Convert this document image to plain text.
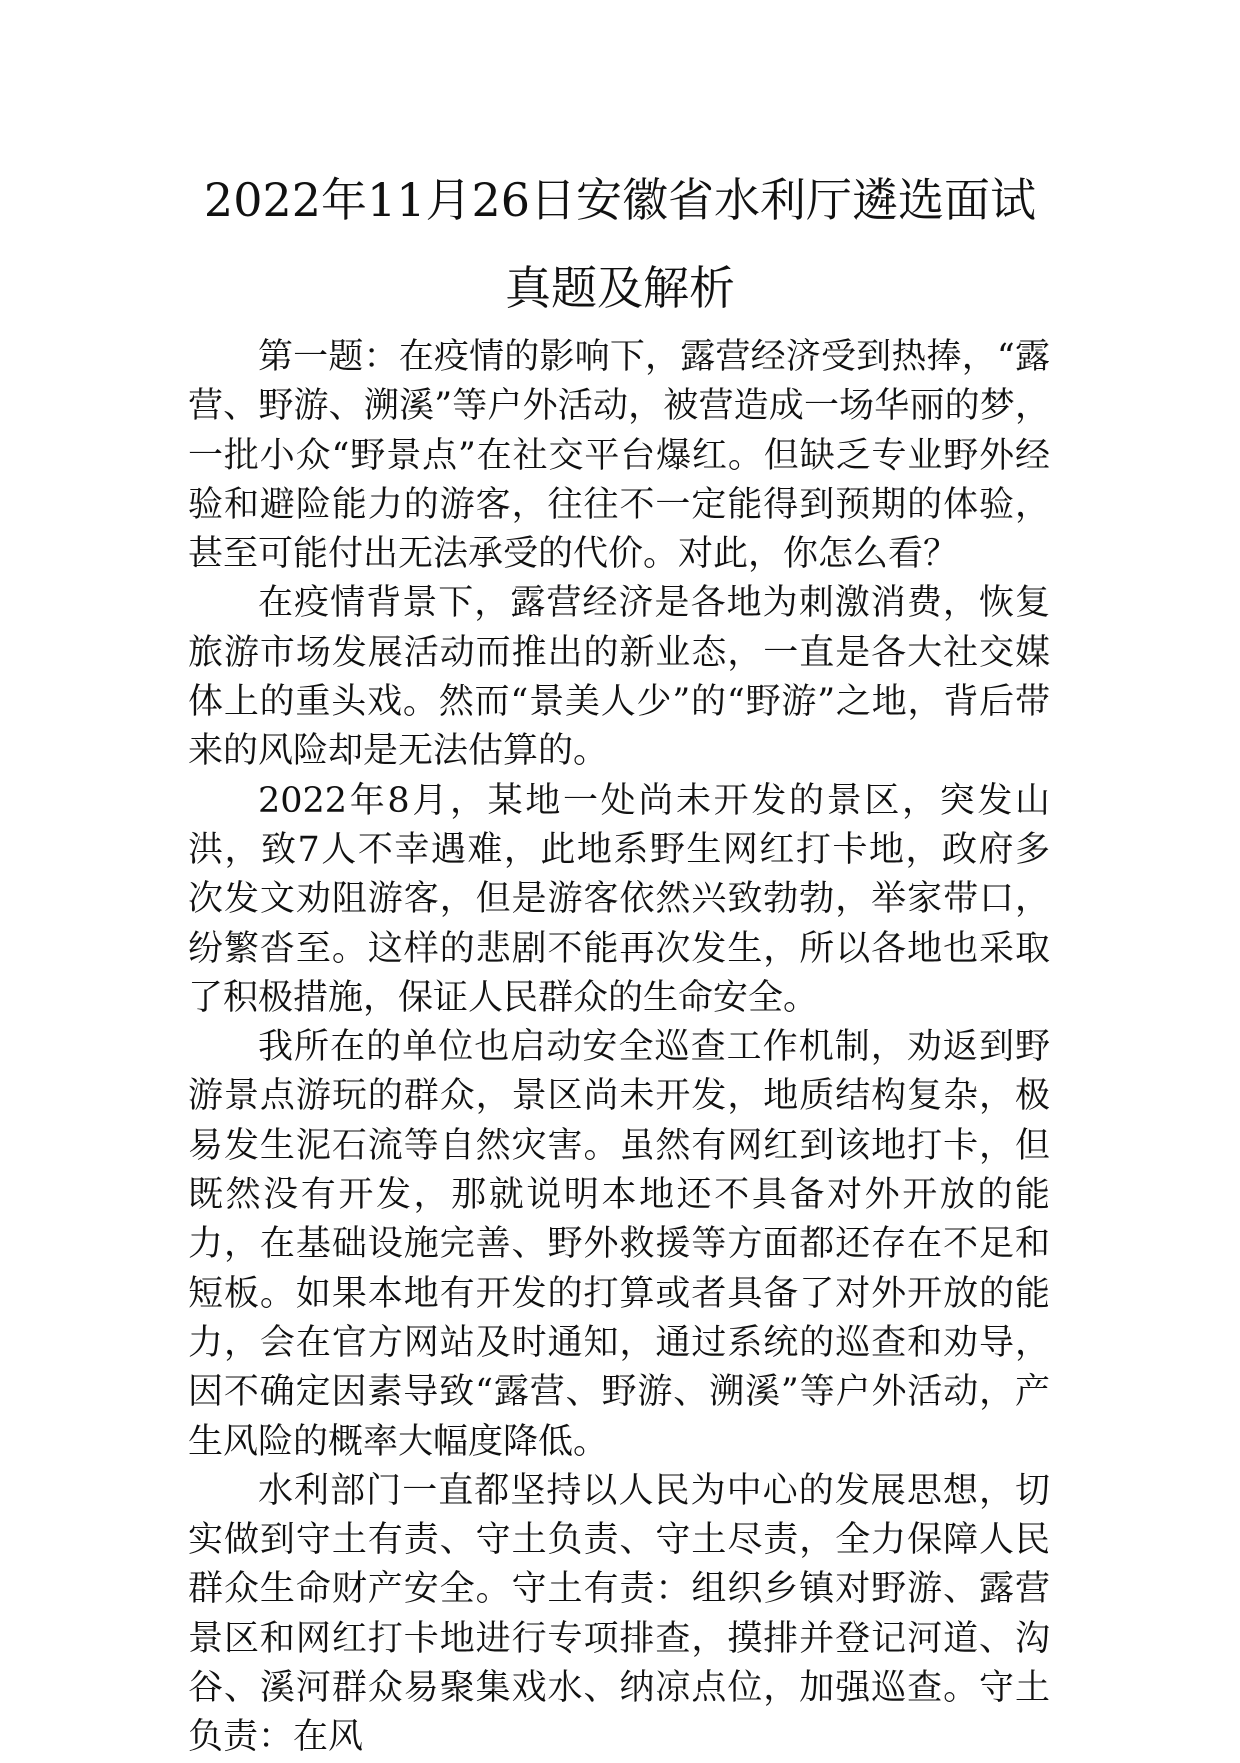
2022年11月26日安徽省水利厅遴选面试
真题及解析

第一题：在疫情的影响下，露营经济受到热捧，“露营、野游、溯溪”等户外活动，被营造成一场华丽的梦，一批小众“野景点”在社交平台爆红。但缺乏专业野外经验和避险能力的游客，往往不一定能得到预期的体验，甚至可能付出无法承受的代价。对此，你怎么看？

在疫情背景下，露营经济是各地为刺激消费，恢复旅游市场发展活动而推出的新业态，一直是各大社交媒体上的重头戏。然而“景美人少”的“野游”之地，背后带来的风险却是无法估算的。

2022年8月，某地一处尚未开发的景区，突发山洪，致7人不幸遇难，此地系野生网红打卡地，政府多次发文劝阻游客，但是游客依然兴致勃勃，举家带口，纷繁沓至。这样的悲剧不能再次发生，所以各地也采取了积极措施，保证人民群众的生命安全。

我所在的单位也启动安全巡查工作机制，劝返到野游景点游玩的群众，景区尚未开发，地质结构复杂，极易发生泥石流等自然灾害。虽然有网红到该地打卡，但既然没有开发，那就说明本地还不具备对外开放的能力，在基础设施完善、野外救援等方面都还存在不足和短板。如果本地有开发的打算或者具备了对外开放的能力，会在官方网站及时通知，通过系统的巡查和劝导，因不确定因素导致“露营、野游、溯溪”等户外活动，产生风险的概率大幅度降低。

水利部门一直都坚持以人民为中心的发展思想，切实做到守土有责、守土负责、守土尽责，全力保障人民群众生命财产安全。守土有责：组织乡镇对野游、露营景区和网红打卡地进行专项排查，摸排并登记河道、沟谷、溪河群众易聚集戏水、纳凉点位，加强巡查。守土负责：在风
